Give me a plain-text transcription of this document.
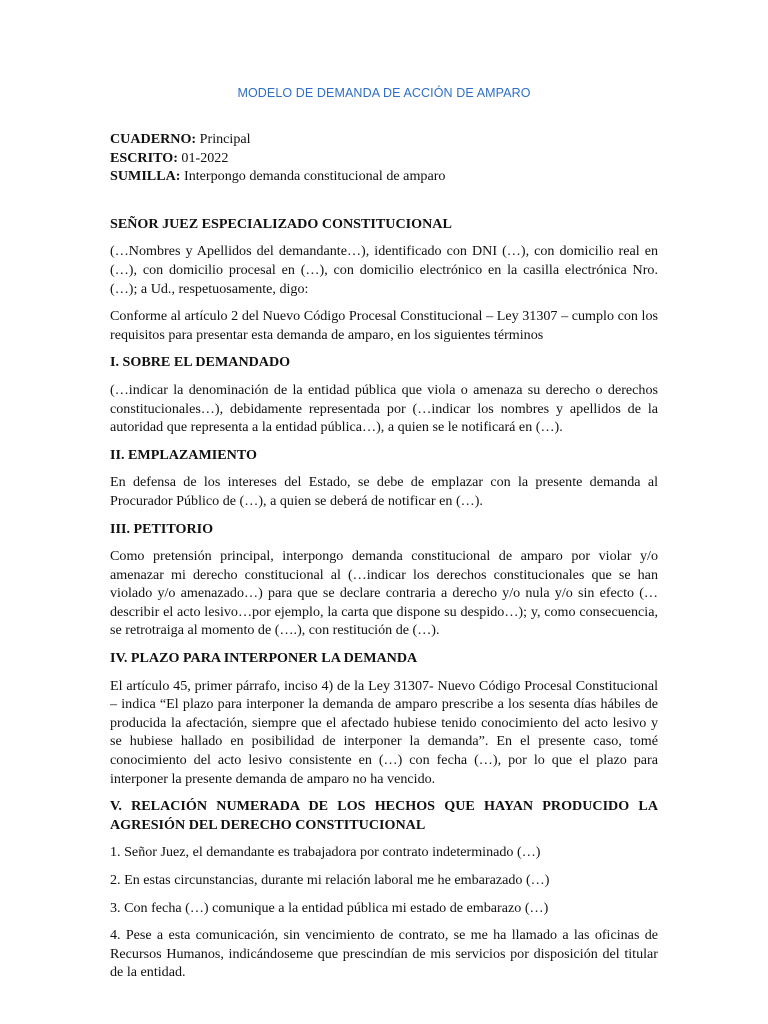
MODELO DE DEMANDA DE ACCIÓN DE AMPARO
CUADERNO: Principal
ESCRITO: 01-2022
SUMILLA: Interpongo demanda constitucional de amparo
SEÑOR JUEZ ESPECIALIZADO CONSTITUCIONAL

(…Nombres y Apellidos del demandante…), identificado con DNI (…), con domicilio real en (…), con domicilio procesal en (…), con domicilio electrónico en la casilla electrónica Nro. (…); a Ud., respetuosamente, digo:

Conforme al artículo 2 del Nuevo Código Procesal Constitucional – Ley 31307 – cumplo con los requisitos para presentar esta demanda de amparo, en los siguientes términos

I. SOBRE EL DEMANDADO

(…indicar la denominación de la entidad pública que viola o amenaza su derecho o derechos constitucionales…), debidamente representada por (…indicar los nombres y apellidos de la autoridad que representa a la entidad pública…), a quien se le notificará en (…).

II. EMPLAZAMIENTO

En defensa de los intereses del Estado, se debe de emplazar con la presente demanda al Procurador Público de (…), a quien se deberá de notificar en (…).

III. PETITORIO

Como pretensión principal, interpongo demanda constitucional de amparo por violar y/o amenazar mi derecho constitucional al (…indicar los derechos constitucionales que se han violado y/o amenazado…) para que se declare contraria a derecho y/o nula y/o sin efecto (…describir el acto lesivo…por ejemplo, la carta que dispone su despido…); y, como consecuencia, se retrotraiga al momento de (….), con restitución de (…).

IV. PLAZO PARA INTERPONER LA DEMANDA

El artículo 45, primer párrafo, inciso 4) de la Ley 31307- Nuevo Código Procesal Constitucional – indica “El plazo para interponer la demanda de amparo prescribe a los sesenta días hábiles de producida la afectación, siempre que el afectado hubiese tenido conocimiento del acto lesivo y se hubiese hallado en posibilidad de interponer la demanda”. En el presente caso, tomé conocimiento del acto lesivo consistente en (…) con fecha (…), por lo que el plazo para interponer la presente demanda de amparo no ha vencido.

V. RELACIÓN NUMERADA DE LOS HECHOS QUE HAYAN PRODUCIDO LA AGRESIÓN DEL DERECHO CONSTITUCIONAL

1. Señor Juez, el demandante es trabajadora por contrato indeterminado (…)

2. En estas circunstancias, durante mi relación laboral me he embarazado (…)

3. Con fecha (…) comunique a la entidad pública mi estado de embarazo (…)

4. Pese a esta comunicación, sin vencimiento de contrato, se me ha llamado a las oficinas de Recursos Humanos, indicándoseme que prescindían de mis servicios por disposición del titular de la entidad.
